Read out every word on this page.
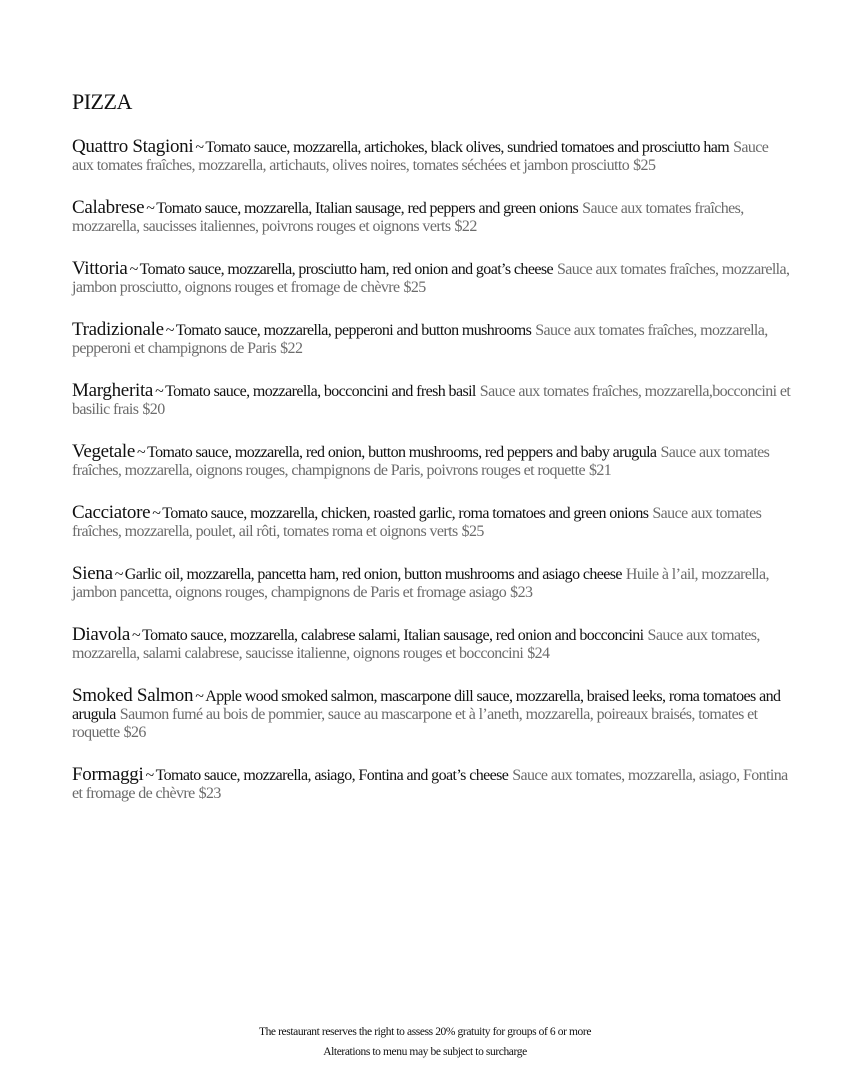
PIZZA
Quattro Stagioni ~ Tomato sauce, mozzarella, artichokes, black olives, sundried tomatoes and prosciutto ham Sauce aux tomates fraîches, mozzarella, artichauts, olives noires, tomates séchées et jambon prosciutto $25
Calabrese ~ Tomato sauce, mozzarella, Italian sausage, red peppers and green onions Sauce aux tomates fraîches, mozzarella, saucisses italiennes, poivrons rouges et oignons verts $22
Vittoria ~ Tomato sauce, mozzarella, prosciutto ham, red onion and goat’s cheese Sauce aux tomates fraîches, mozzarella, jambon prosciutto, oignons rouges et fromage de chèvre $25
Tradizionale ~ Tomato sauce, mozzarella, pepperoni and button mushrooms Sauce aux tomates fraîches, mozzarella, pepperoni et champignons de Paris $22
Margherita ~ Tomato sauce, mozzarella, bocconcini and fresh basil Sauce aux tomates fraîches, mozzarella,bocconcini et basilic frais $20
Vegetale ~ Tomato sauce, mozzarella, red onion, button mushrooms, red peppers and baby arugula Sauce aux tomates fraîches, mozzarella, oignons rouges, champignons de Paris, poivrons rouges et roquette $21
Cacciatore ~ Tomato sauce, mozzarella, chicken, roasted garlic, roma tomatoes and green onions Sauce aux tomates fraîches, mozzarella, poulet, ail rôti, tomates roma et oignons verts $25
Siena ~ Garlic oil, mozzarella, pancetta ham, red onion, button mushrooms and asiago cheese Huile à l’ail, mozzarella, jambon pancetta, oignons rouges, champignons de Paris et fromage asiago $23
Diavola ~ Tomato sauce, mozzarella, calabrese salami, Italian sausage, red onion and bocconcini Sauce aux tomates, mozzarella, salami calabrese, saucisse italienne, oignons rouges et bocconcini $24
Smoked Salmon ~ Apple wood smoked salmon, mascarpone dill sauce, mozzarella, braised leeks, roma tomatoes and arugula Saumon fumé au bois de pommier, sauce au mascarpone et à l’aneth, mozzarella, poireaux braisés, tomates et roquette $26
Formaggi ~ Tomato sauce, mozzarella, asiago, Fontina and goat’s cheese Sauce aux tomates, mozzarella, asiago, Fontina et fromage de chèvre $23
The restaurant reserves the right to assess 20% gratuity for groups of 6 or more
Alterations to menu may be subject to surcharge
